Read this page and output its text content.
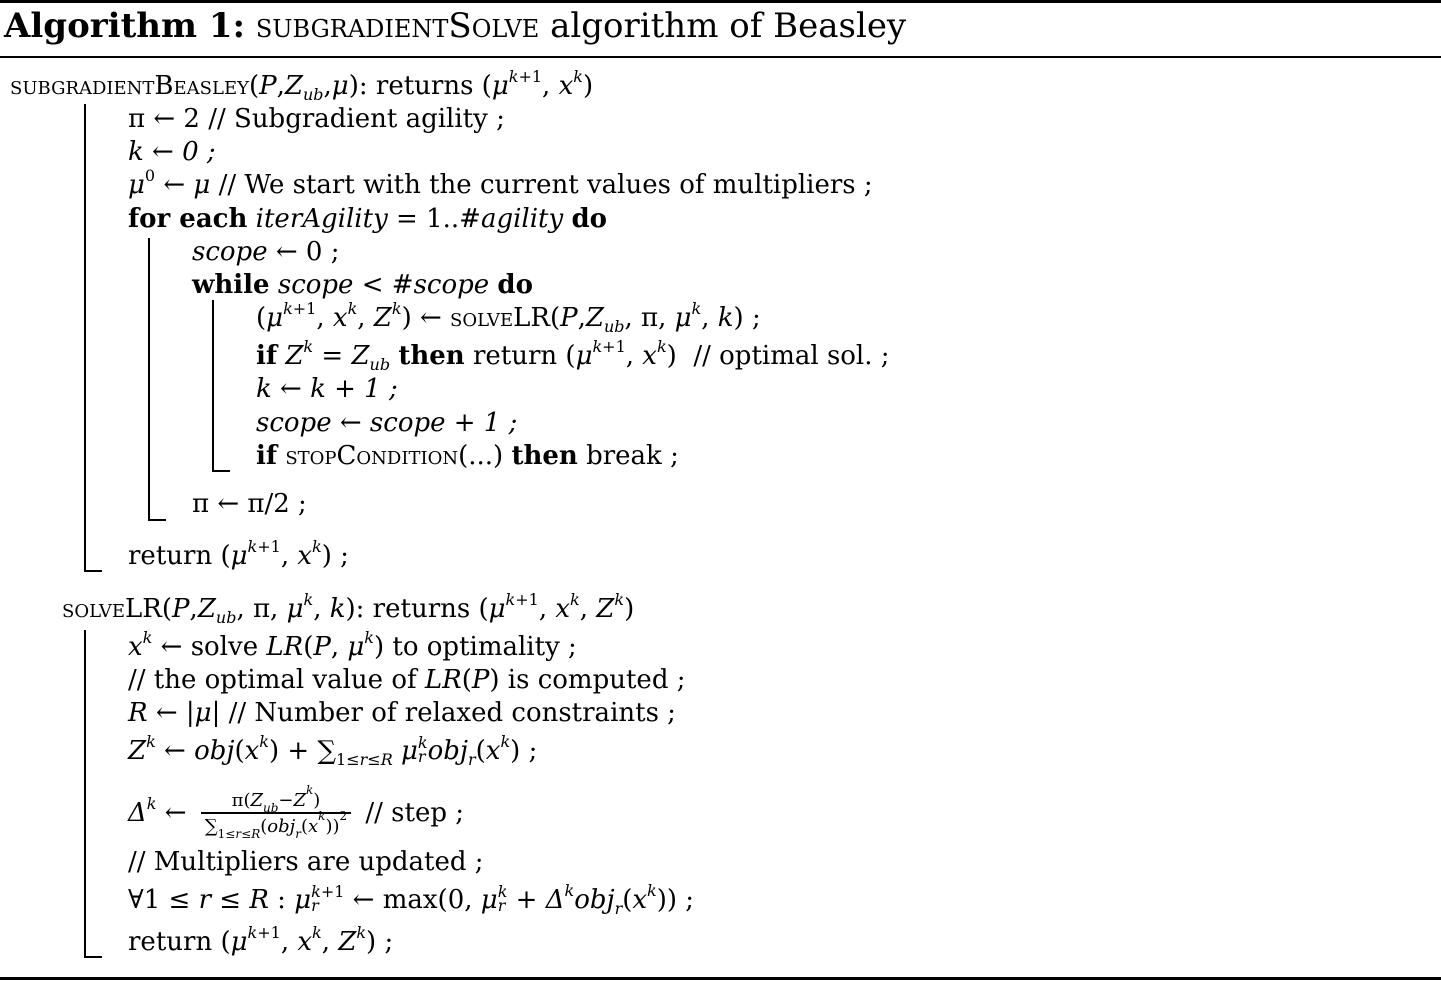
Algorithm 1: subgradientSolve algorithm of Beasley
$subgradientBeasley(P,Z_{ub},\mu)$: returns ($\mu^{k+1}$, $x^k$)
π ← 2 // Subgradient agility ;
k ← 0 ;
$\mu^0$ ← μ // We start with the current values of multipliers ;
for each iterAgility = 1..#agility do
scope ← 0 ;
while scope < #scope do
($\mu^{k+1}$, $x^k$, $Z^k$) ← $solveLR(P,Z_{ub}$, π, $\mu^k$, k) ;
if $Z^k = Z_{ub}$ then return ($\mu^{k+1}$, $x^k$)  // optimal sol. ;
k ← k + 1 ;
scope ← scope + 1 ;
if stopCondition(...) then break ;
π ← π/2 ;
return ($\mu^{k+1}$, $x^k$) ;
$solveLR(P,Z_{ub}$, π, $\mu^k$, k): returns ($\mu^{k+1}$, $x^k$, $Z^k$)
$x^k$ ← solve LR(P, $\mu^k$) to optimality ;
// the optimal value of LR(P) is computed ;
R ← |μ| // Number of relaxed constraints ;
$Z^k$ ← $obj(x^k) + \sum_{1\le r\le R}$ μ k
r $obj_r(x^k)$ ;
$\Delta^k$ ← $\frac{\pi(Z_{ub}-Z^k)}{\sum_{1\le r\le R}(obj_r(x^k))^2}$ // step ;
// Multipliers are updated ;
∀1 ≤ r ≤ R : μ k+1
r ← max(0, μ k
$r + \Delta^kobj_r(x^k)$) ;
return ($\mu^{k+1}$, $x^k$, $Z^k$) ;
